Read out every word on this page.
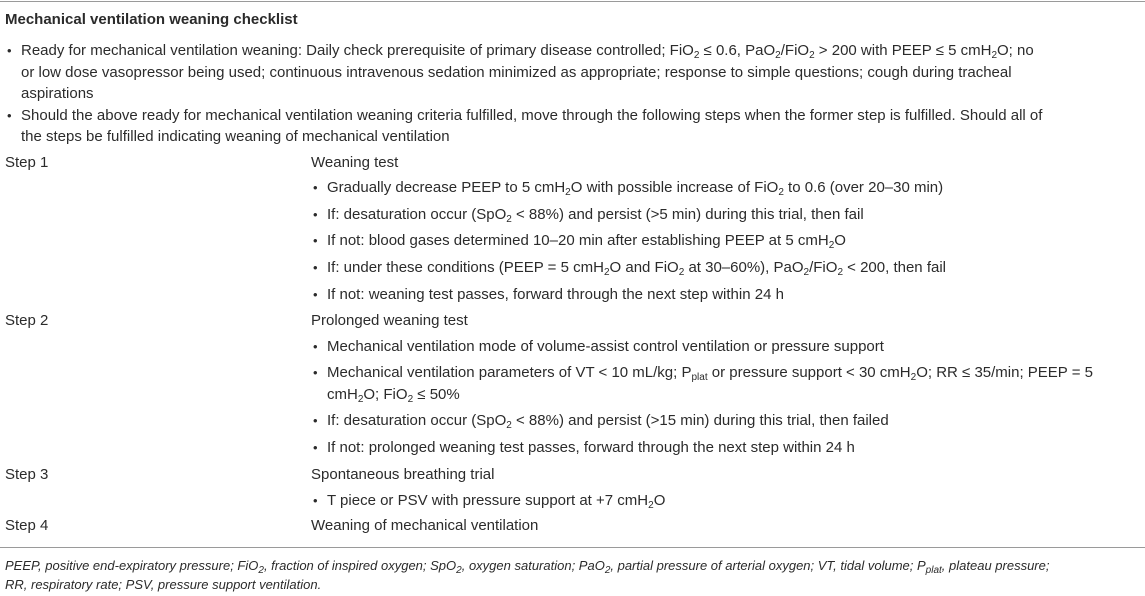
Mechanical ventilation weaning checklist
•
Ready for mechanical ventilation weaning: Daily check prerequisite of primary disease controlled; FiO$_2$ ≤ 0.6, PaO$_2$/FiO$_2$ > 200 with PEEP ≤ 5 cmH$_2$O; no
or low dose vasopressor being used; continuous intravenous sedation minimized as appropriate; response to simple questions; cough during tracheal
aspirations
•
Should the above ready for mechanical ventilation weaning criteria fulfilled, move through the following steps when the former step is fulfilled. Should all of
the steps be fulfilled indicating weaning of mechanical ventilation
Step 1	Weaning test
•
Gradually decrease PEEP to 5 cmH$_2$O with possible increase of FiO$_2$ to 0.6 (over 20–30 min)
•
If: desaturation occur (SpO$_2$ < 88%) and persist (>5 min) during this trial, then fail
•
If not: blood gases determined 10–20 min after establishing PEEP at 5 cmH$_2$O
•
If: under these conditions (PEEP = 5 cmH$_2$O and FiO$_2$ at 30–60%), PaO$_2$/FiO$_2$ < 200, then fail
•
If not: weaning test passes, forward through the next step within 24 h
Step 2	Prolonged weaning test
•
Mechanical ventilation mode of volume-assist control ventilation or pressure support
•
Mechanical ventilation parameters of VT < 10 mL/kg; $P_{plat}$ or pressure support < 30 cmH$_2$O; RR ≤ 35/min; PEEP = 5
cmH$_2$O; FiO$_2$ ≤ 50%
•
If: desaturation occur (SpO$_2$ < 88%) and persist (>15 min) during this trial, then failed
•
If not: prolonged weaning test passes, forward through the next step within 24 h
Step 3	Spontaneous breathing trial
•
T piece or PSV with pressure support at +7 cmH$_2$O
Step 4	Weaning of mechanical ventilation
PEEP, positive end-expiratory pressure; FiO$_2$, fraction of inspired oxygen; SpO$_2$, oxygen saturation; PaO$_2$, partial pressure of arterial oxygen; VT, tidal volume; $P_{plat}$, plateau pressure;
RR, respiratory rate; PSV, pressure support ventilation.
